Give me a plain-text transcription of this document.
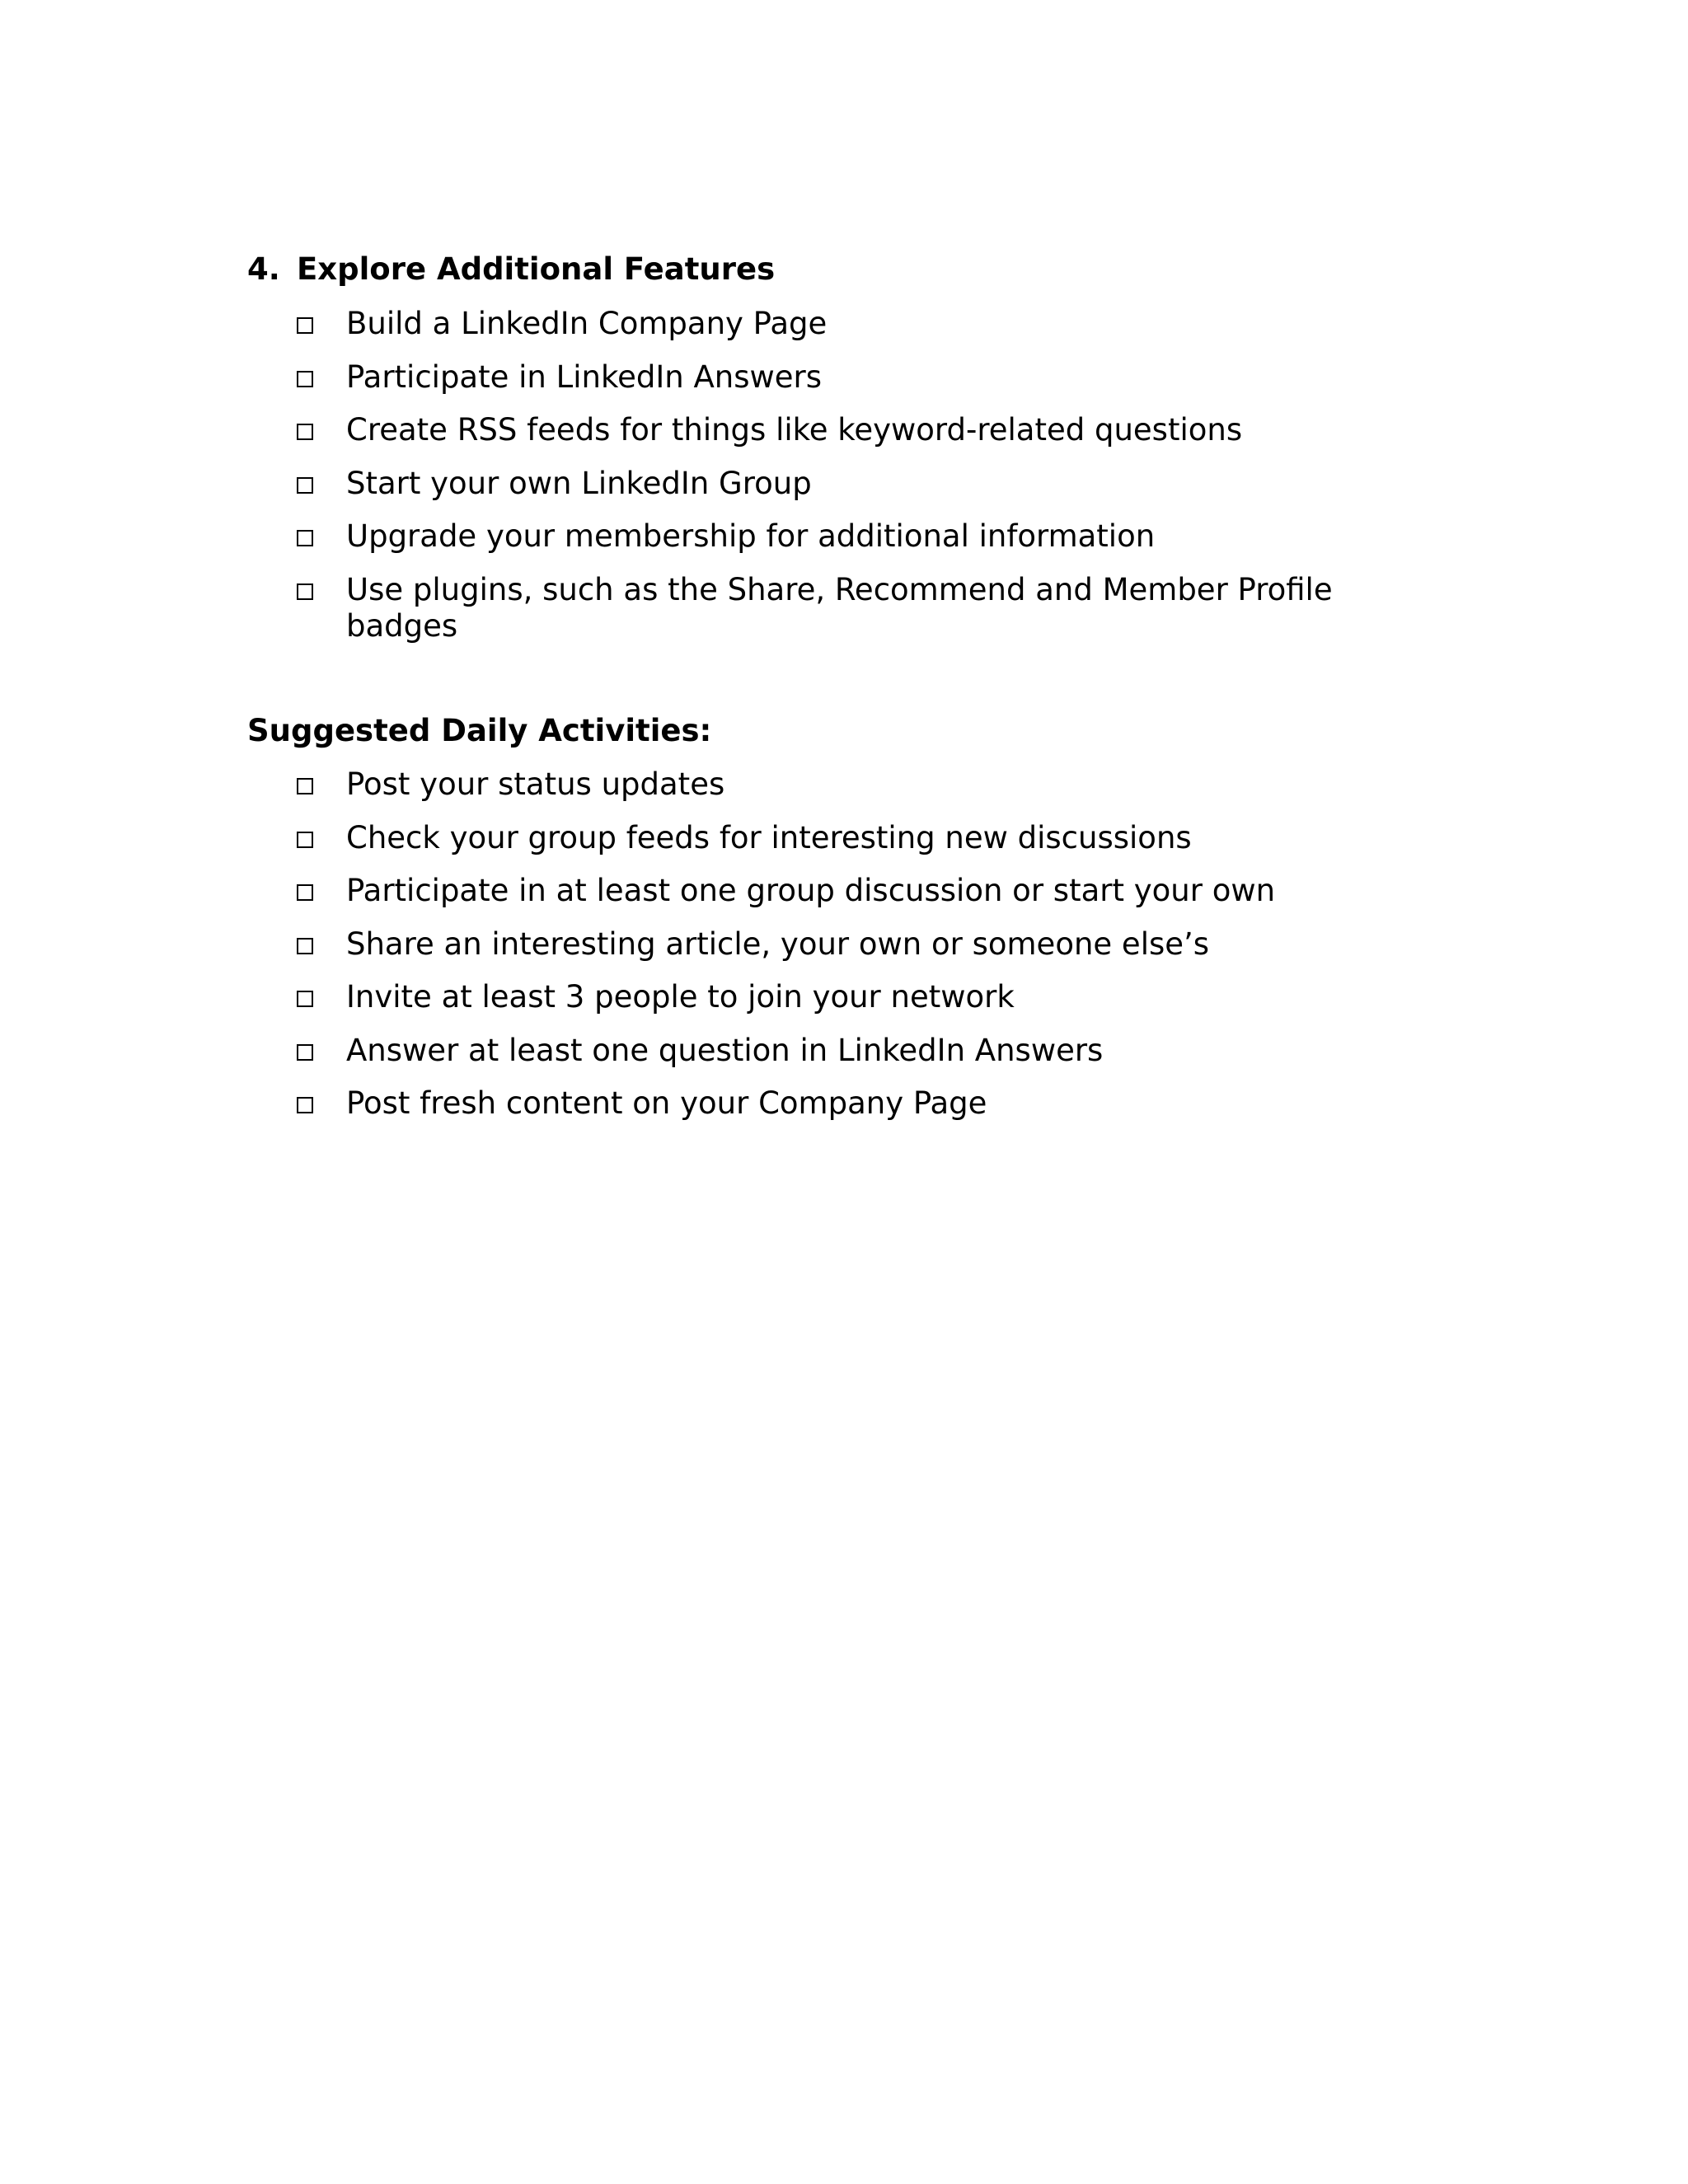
4. Explore Additional Features
Build a LinkedIn Company Page
Participate in LinkedIn Answers
Create RSS feeds for things like keyword-related questions
Start your own LinkedIn Group
Upgrade your membership for additional information
Use plugins, such as the Share, Recommend and Member Profile badges
Suggested Daily Activities:
Post your status updates
Check your group feeds for interesting new discussions
Participate in at least one group discussion or start your own
Share an interesting article, your own or someone else’s
Invite at least 3 people to join your network
Answer at least one question in LinkedIn Answers
Post fresh content on your Company Page
